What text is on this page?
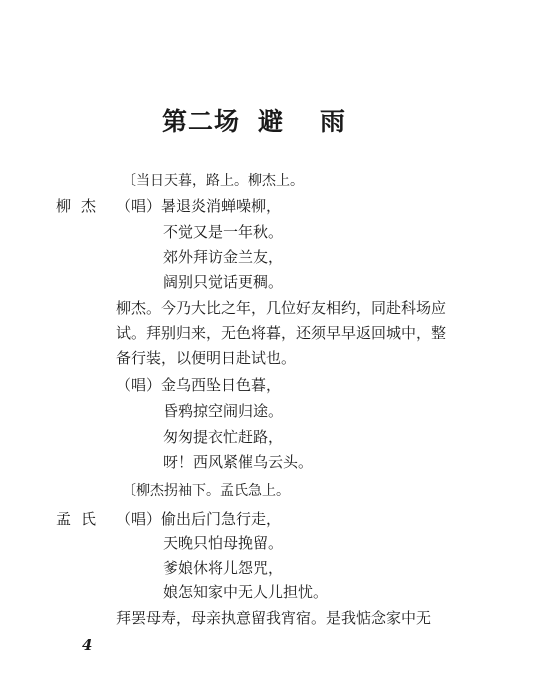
第二场 避 雨
柳杰
孟氏
〔当日天暮，路上。柳杰上。
（唱）暑退炎消蝉噪柳，
不觉又是一年秋。
郊外拜访金兰友，
阔别只觉话更稠。
柳杰。今乃大比之年，几位好友相约，同赴科场应
试。拜别归来，无色将暮，还须早早返回城中，整
备行装，以便明日赴试也。
（唱）金乌西坠日色暮，
昏鸦掠空闹归途。
匆匆提衣忙赶路，
呀！西风紧催乌云头。
〔柳杰拐袖下。孟氏急上。
（唱）偷出后门急行走，
天晚只怕母挽留。
爹娘休将儿怨咒，
娘怎知家中无人儿担忧。
拜罢母寿，母亲执意留我宵宿。是我惦念家中无
4
